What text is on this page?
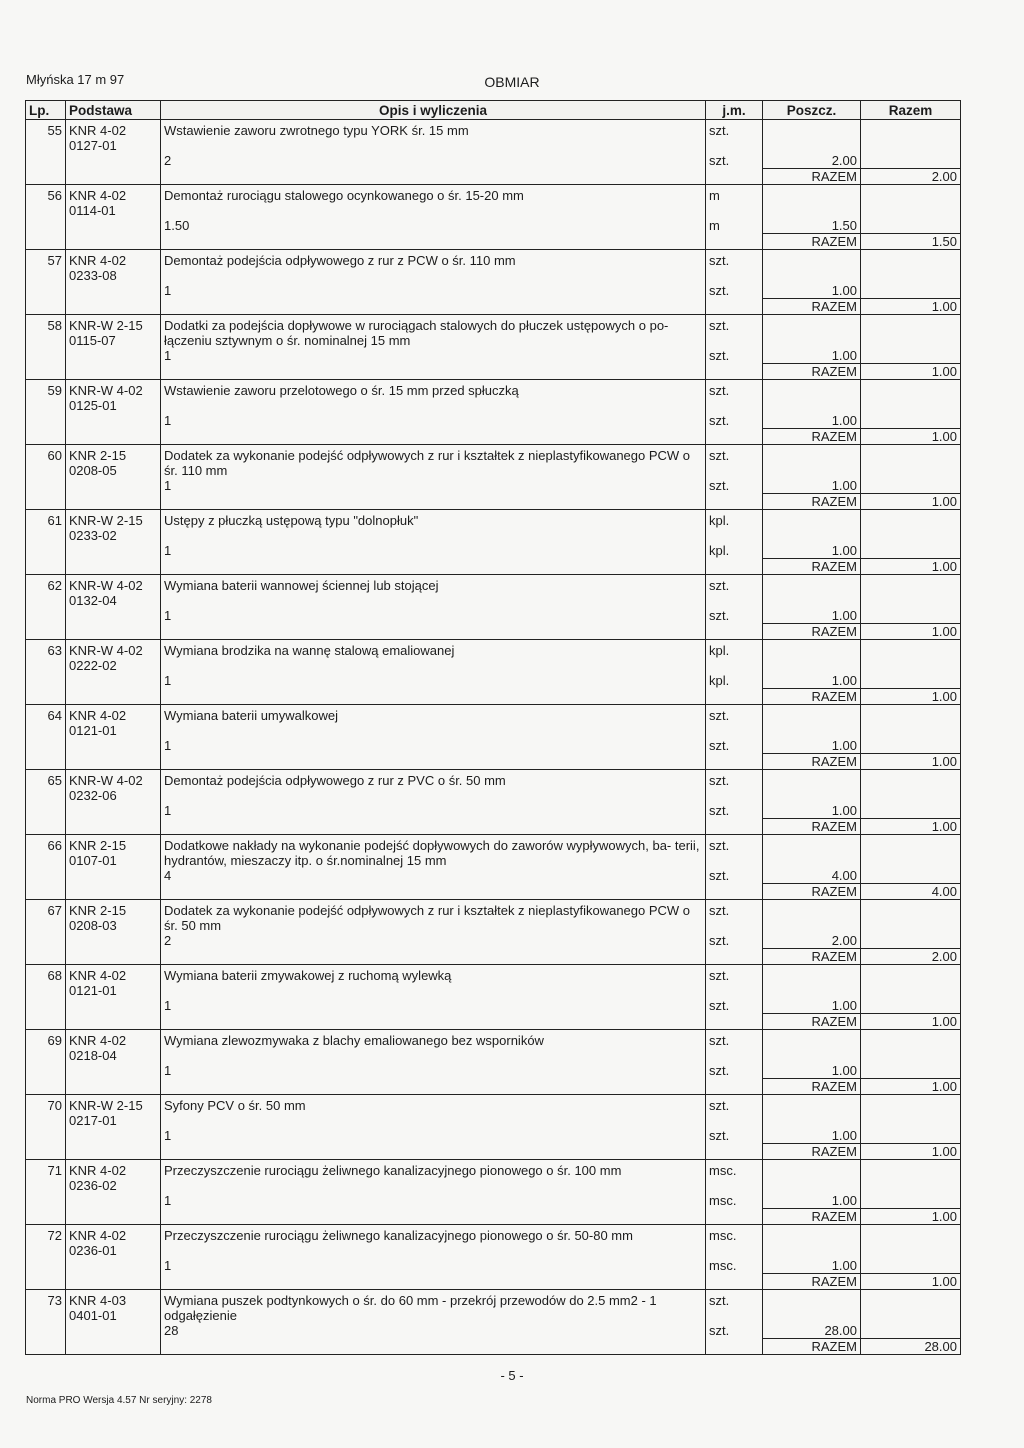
Młyńska 17 m 97	OBMIAR
Lp.	Podstawa	Opis i wyliczenia	j.m.	Poszcz.	Razem
55	KNR 4-02
0127-01	Wstawienie zaworu zwrotnego typu YORK śr. 15 mm	szt.		
		2	szt.	2.00	
				RAZEM	2.00
56	KNR 4-02
0114-01	Demontaż rurociągu stalowego ocynkowanego o śr. 15-20 mm	m		
		1.50	m	1.50	
				RAZEM	1.50
57	KNR 4-02
0233-08	Demontaż podejścia odpływowego z rur z PCW o śr. 110 mm	szt.		
		1	szt.	1.00	
				RAZEM	1.00
58	KNR-W 2-15
0115-07	Dodatki za podejścia dopływowe w rurociągach stalowych do płuczek ustępowych o po- łączeniu sztywnym o śr. nominalnej 15 mm	szt.		
		1	szt.	1.00	
				RAZEM	1.00
59	KNR-W 4-02
0125-01	Wstawienie zaworu przelotowego o śr. 15 mm przed spłuczką	szt.		
		1	szt.	1.00	
				RAZEM	1.00
60	KNR 2-15
0208-05	Dodatek za wykonanie podejść odpływowych z rur i kształtek z nieplastyfikowanego PCW o śr. 110 mm	szt.		
		1	szt.	1.00	
				RAZEM	1.00
61	KNR-W 2-15
0233-02	Ustępy z płuczką ustępową typu "dolnopłuk"	kpl.		
		1	kpl.	1.00	
				RAZEM	1.00
62	KNR-W 4-02
0132-04	Wymiana baterii wannowej ściennej lub stojącej	szt.		
		1	szt.	1.00	
				RAZEM	1.00
63	KNR-W 4-02
0222-02	Wymiana brodzika na wannę stalową emaliowanej	kpl.		
		1	kpl.	1.00	
				RAZEM	1.00
64	KNR 4-02
0121-01	Wymiana baterii umywalkowej	szt.		
		1	szt.	1.00	
				RAZEM	1.00
65	KNR-W 4-02
0232-06	Demontaż podejścia odpływowego z rur z PVC o śr. 50 mm	szt.		
		1	szt.	1.00	
				RAZEM	1.00
66	KNR 2-15
0107-01	Dodatkowe nakłady na wykonanie podejść dopływowych do zaworów wypływowych, ba- terii, hydrantów, mieszaczy itp. o śr.nominalnej 15 mm	szt.		
		4	szt.	4.00	
				RAZEM	4.00
67	KNR 2-15
0208-03	Dodatek za wykonanie podejść odpływowych z rur i kształtek z nieplastyfikowanego PCW o śr. 50 mm	szt.		
		2	szt.	2.00	
				RAZEM	2.00
68	KNR 4-02
0121-01	Wymiana baterii zmywakowej z ruchomą wylewką	szt.		
		1	szt.	1.00	
				RAZEM	1.00
69	KNR 4-02
0218-04	Wymiana zlewozmywaka z blachy emaliowanego bez wsporników	szt.		
		1	szt.	1.00	
				RAZEM	1.00
70	KNR-W 2-15
0217-01	Syfony PCV o śr. 50 mm	szt.		
		1	szt.	1.00	
				RAZEM	1.00
71	KNR 4-02
0236-02	Przeczyszczenie rurociągu żeliwnego kanalizacyjnego pionowego o śr. 100 mm	msc.		
		1	msc.	1.00	
				RAZEM	1.00
72	KNR 4-02
0236-01	Przeczyszczenie rurociągu żeliwnego kanalizacyjnego pionowego o śr. 50-80 mm	msc.		
		1	msc.	1.00	
				RAZEM	1.00
73	KNR 4-03
0401-01	Wymiana puszek podtynkowych o śr. do 60 mm - przekrój przewodów do 2.5 mm2 - 1 odgałęzienie	szt.		
		28	szt.	28.00	
				RAZEM	28.00
- 5 -
Norma PRO Wersja 4.57 Nr seryjny: 2278
